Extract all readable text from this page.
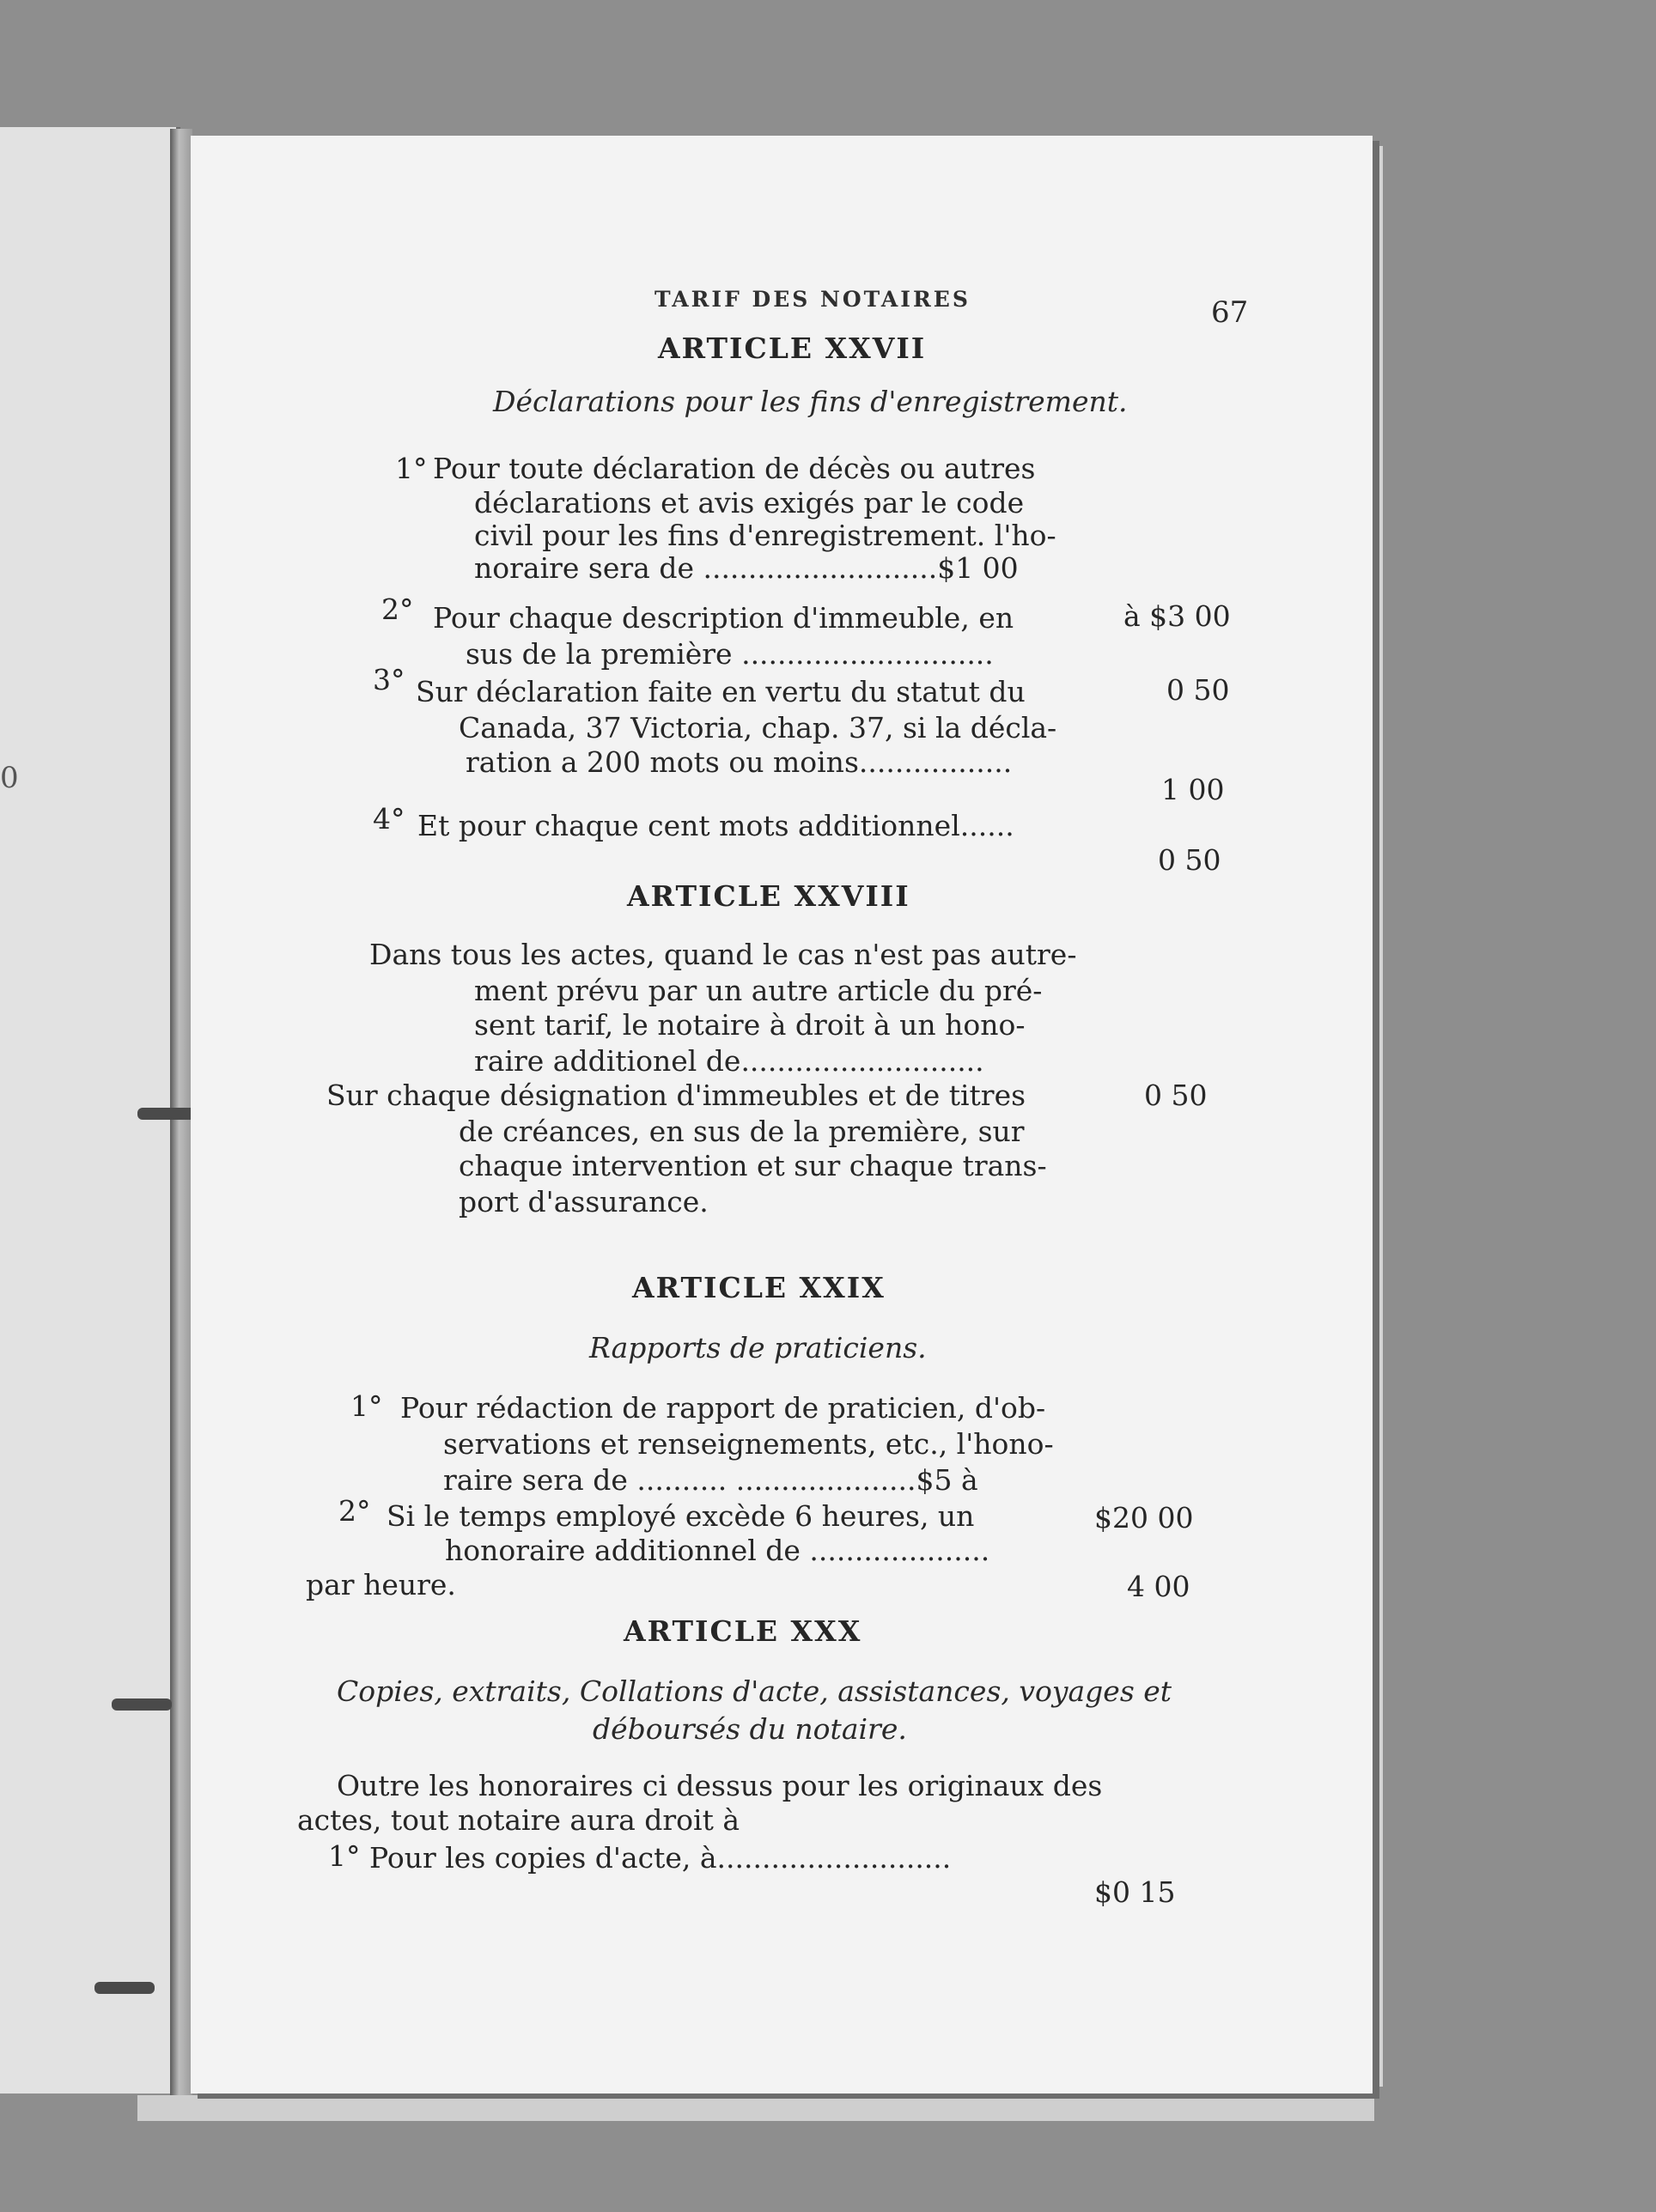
0
TARIF DES NOTAIRES	67
ARTICLE XXVII
Déclarations pour les fins d'enregistrement.
1° Pour toute déclaration de décès ou autres
déclarations et avis exigés par le code
civil pour les fins d'enregistrement. l'ho-
noraire sera de ..........................$1 00
à $3 00
2° Pour chaque description d'immeuble, en
sus de la première ............................
0 50
3° Sur déclaration faite en vertu du statut du
Canada, 37 Victoria, chap. 37, si la décla-
ration a 200 mots ou moins.................
1 00
4° Et pour chaque cent mots additionnel......
0 50
ARTICLE XXVIII
Dans tous les actes, quand le cas n'est pas autre-
ment prévu par un autre article du pré-
sent tarif, le notaire à droit à un hono-
raire additionel de...........................
0 50
Sur chaque désignation d'immeubles et de titres
de créances, en sus de la première, sur
chaque intervention et sur chaque trans-
port d'assurance.
ARTICLE XXIX
Rapports de praticiens.
1° Pour rédaction de rapport de praticien, d'ob-
servations et renseignements, etc., l'hono-
raire sera de .......... ....................$5 à
$20 00
2° Si le temps employé excède 6 heures, un
honoraire additionnel de ....................
par heure.	4 00
ARTICLE XXX
Copies, extraits, Collations d'acte, assistances, voyages et
déboursés du notaire.
Outre les honoraires ci dessus pour les originaux des
actes, tout notaire aura droit à
1° Pour les copies d'acte, à..........................
$0 15
